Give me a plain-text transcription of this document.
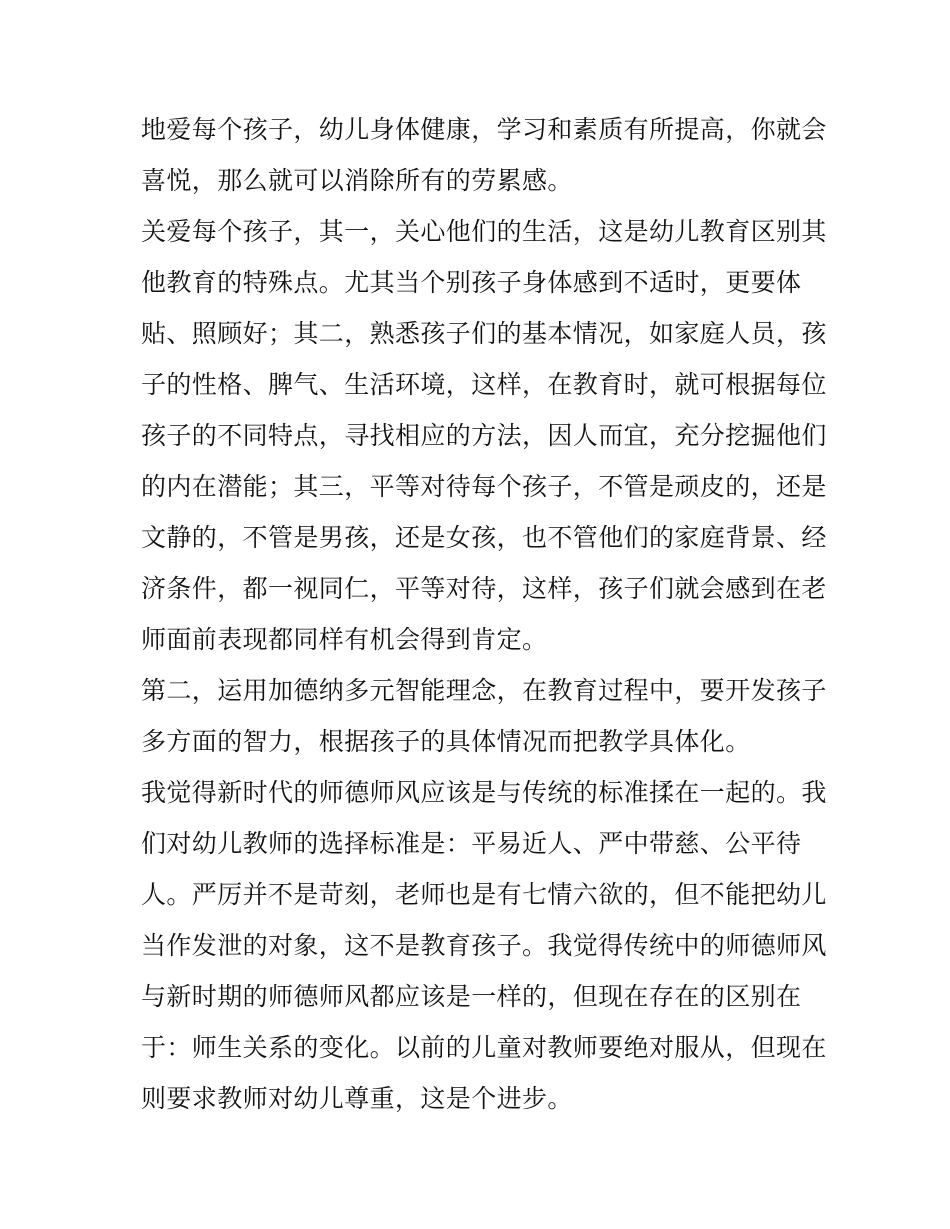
地爱每个孩子，幼儿身体健康，学习和素质有所提高，你就会
喜悦，那么就可以消除所有的劳累感。
关爱每个孩子，其一，关心他们的生活，这是幼儿教育区别其
他教育的特殊点。尤其当个别孩子身体感到不适时，更要体
贴、照顾好；其二，熟悉孩子们的基本情况，如家庭人员，孩
子的性格、脾气、生活环境，这样，在教育时，就可根据每位
孩子的不同特点，寻找相应的方法，因人而宜，充分挖掘他们
的内在潜能；其三，平等对待每个孩子，不管是顽皮的，还是
文静的，不管是男孩，还是女孩，也不管他们的家庭背景、经
济条件，都一视同仁，平等对待，这样，孩子们就会感到在老
师面前表现都同样有机会得到肯定。
第二，运用加德纳多元智能理念，在教育过程中，要开发孩子
多方面的智力，根据孩子的具体情况而把教学具体化。
我觉得新时代的师德师风应该是与传统的标准揉在一起的。我
们对幼儿教师的选择标准是：平易近人、严中带慈、公平待
人。严厉并不是苛刻，老师也是有七情六欲的，但不能把幼儿
当作发泄的对象，这不是教育孩子。我觉得传统中的师德师风
与新时期的师德师风都应该是一样的，但现在存在的区别在
于：师生关系的变化。以前的儿童对教师要绝对服从，但现在
则要求教师对幼儿尊重，这是个进步。
